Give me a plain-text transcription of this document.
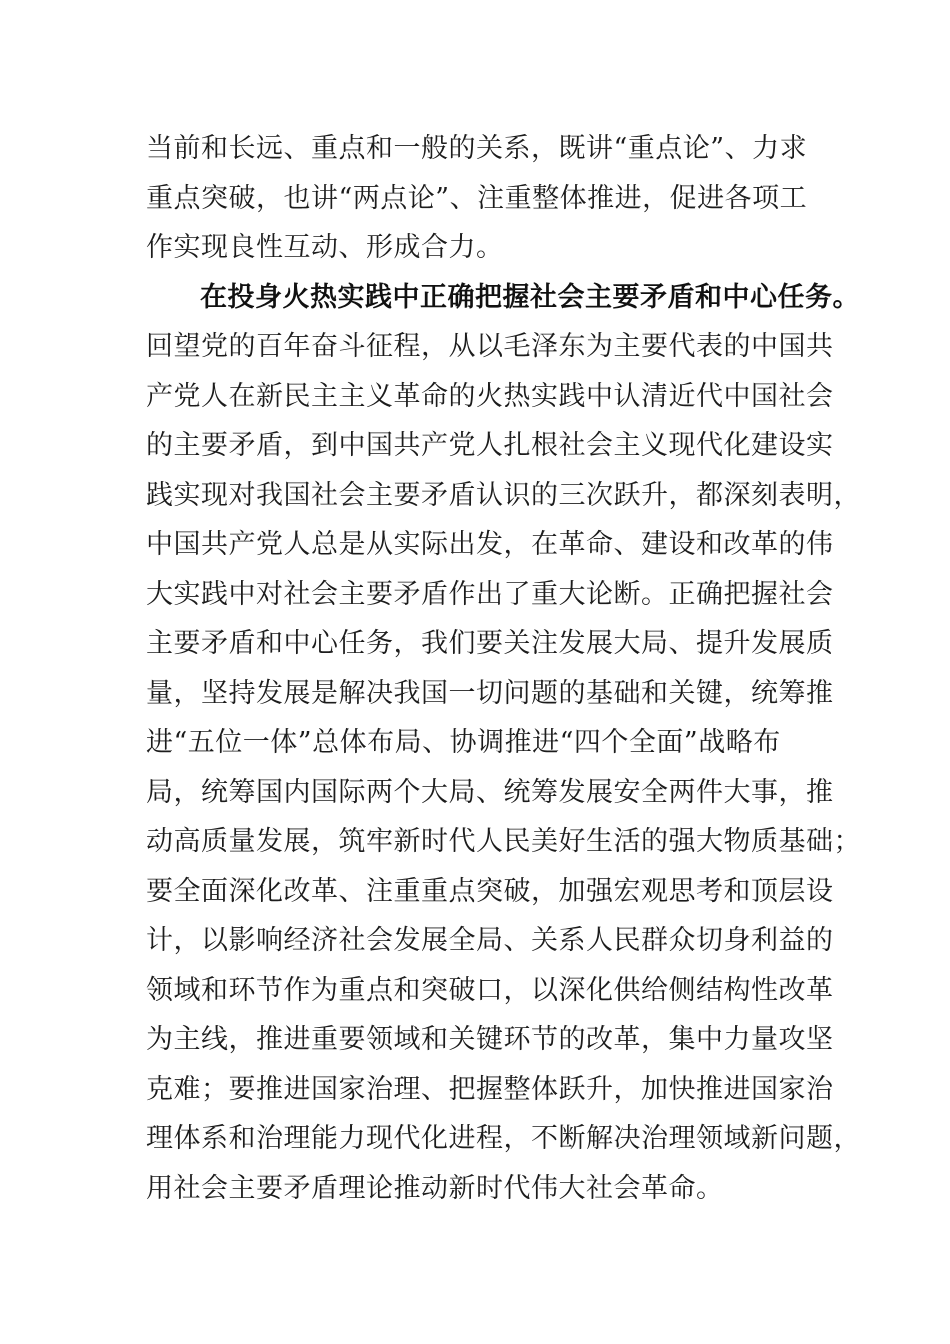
当前和长远、重点和一般的关系，既讲“重点论”、力求
重点突破，也讲“两点论”、注重整体推进，促进各项工
作实现良性互动、形成合力。
在投身火热实践中正确把握社会主要矛盾和中心任务。
回望党的百年奋斗征程，从以毛泽东为主要代表的中国共
产党人在新民主主义革命的火热实践中认清近代中国社会
的主要矛盾，到中国共产党人扎根社会主义现代化建设实
践实现对我国社会主要矛盾认识的三次跃升，都深刻表明，
中国共产党人总是从实际出发，在革命、建设和改革的伟
大实践中对社会主要矛盾作出了重大论断。正确把握社会
主要矛盾和中心任务，我们要关注发展大局、提升发展质
量，坚持发展是解决我国一切问题的基础和关键，统筹推
进“五位一体”总体布局、协调推进“四个全面”战略布
局，统筹国内国际两个大局、统筹发展安全两件大事，推
动高质量发展，筑牢新时代人民美好生活的强大物质基础；
要全面深化改革、注重重点突破，加强宏观思考和顶层设
计，以影响经济社会发展全局、关系人民群众切身利益的
领域和环节作为重点和突破口，以深化供给侧结构性改革
为主线，推进重要领域和关键环节的改革，集中力量攻坚
克难；要推进国家治理、把握整体跃升，加快推进国家治
理体系和治理能力现代化进程，不断解决治理领域新问题，
用社会主要矛盾理论推动新时代伟大社会革命。
